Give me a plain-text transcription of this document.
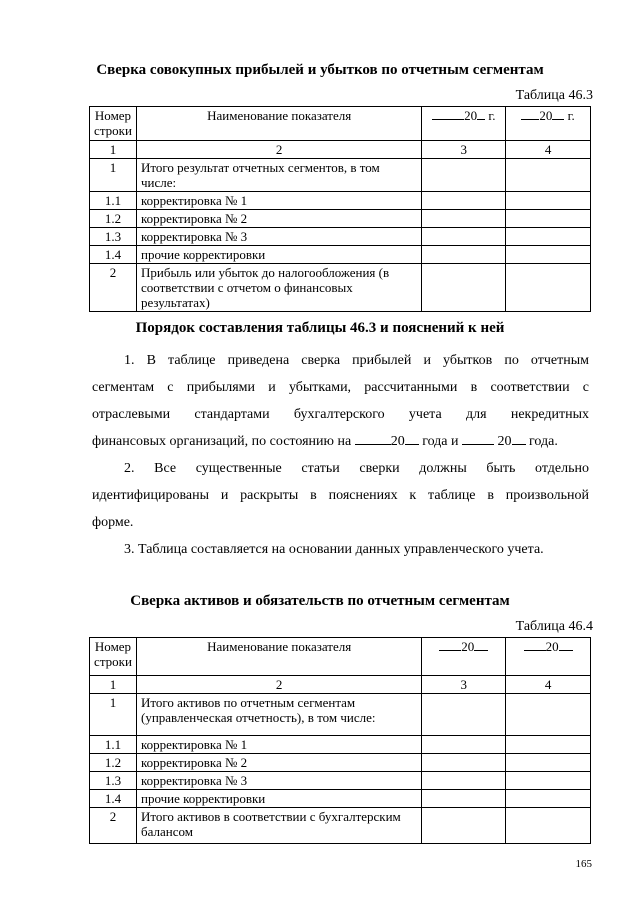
Сверка совокупных прибылей и убытков по отчетным сегментам
Таблица 46.3
Номер строки	Наименование показателя	20 г.	20 г.
1	2	3	4
1	Итого результат отчетных сегментов, в том числе:		
1.1	корректировка № 1		
1.2	корректировка № 2		
1.3	корректировка № 3		
1.4	прочие корректировки		
2	Прибыль или убыток до налогообложения (в соответствии с отчетом о финансовых результатах)		
Порядок составления таблицы 46.3 и пояснений к ней
1. В таблице приведена сверка прибылей и убытков по отчетным
сегментам с прибылями и убытками, рассчитанными в соответствии с
отраслевыми стандартами бухгалтерского учета для некредитных
финансовых организаций, по состоянию на	20 года и	20 года.
2. Все существенные статьи сверки должны быть отдельно
идентифицированы и раскрыты в пояснениях к таблице в произвольной
форме.
3. Таблица составляется на основании данных управленческого учета.
Сверка активов и обязательств по отчетным сегментам
Таблица 46.4
Номер строки	Наименование показателя	20	20
1	2	3	4
1	Итого активов по отчетным сегментам (управленческая отчетность), в том числе:		
1.1	корректировка № 1		
1.2	корректировка № 2		
1.3	корректировка № 3		
1.4	прочие корректировки		
2	Итого активов в соответствии с бухгалтерским балансом		
165
